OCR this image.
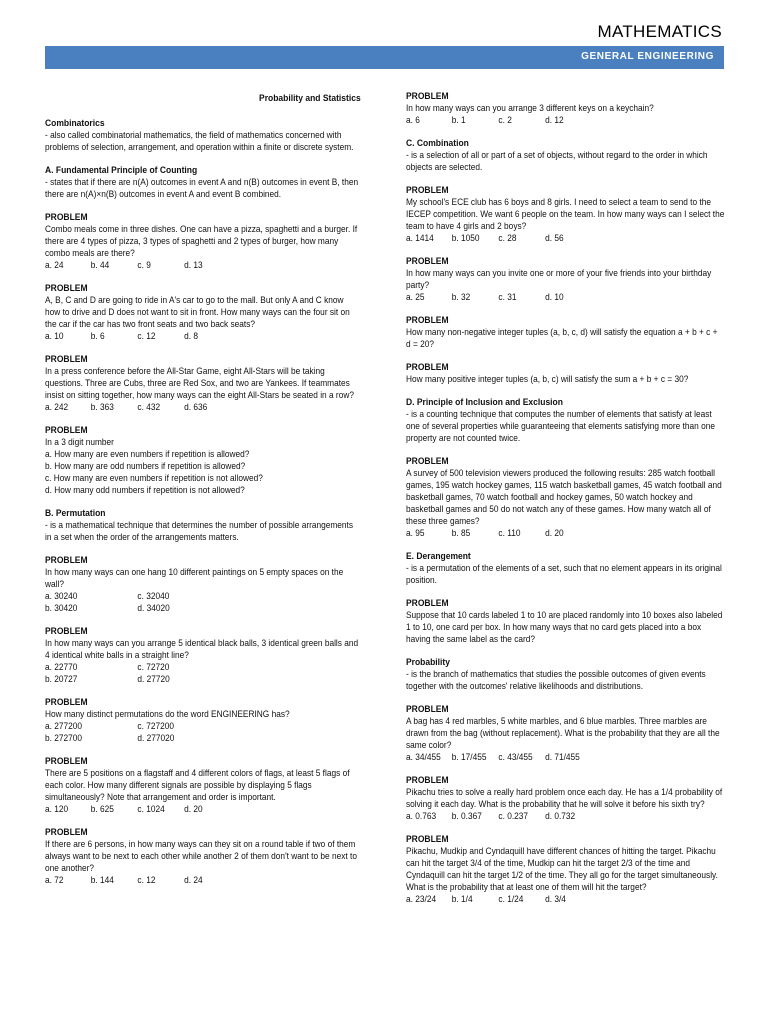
MATHEMATICS
GENERAL ENGINEERING

Probability and Statistics

Combinatorics

- also called combinatorial mathematics, the field of mathematics concerned with problems of selection, arrangement, and operation within a finite or discrete system.

A. Fundamental Principle of Counting

- states that if there are n(A) outcomes in event A and n(B) outcomes in event B, then there are n(A)×n(B) outcomes in event A and event B combined.

PROBLEM

Combo meals come in three dishes. One can have a pizza, spaghetti and a burger. If there are 4 types of pizza, 3 types of spaghetti and 2 types of burger, how many combo meals are there?

a. 24	b. 44	c. 9	d. 13

PROBLEM

A, B, C and D are going to ride in A's car to go to the mall. But only A and C know how to drive and D does not want to sit in front. How many ways can the four sit on the car if the car has two front seats and two back seats?

a. 10	b. 6	c. 12	d. 8

PROBLEM

In a press conference before the All-Star Game, eight All-Stars will be taking questions. Three are Cubs, three are Red Sox, and two are Yankees. If teammates insist on sitting together, how many ways can the eight All-Stars be seated in a row?

a. 242	b. 363	c. 432	d. 636

PROBLEM

In a 3 digit number

a. How many are even numbers if repetition is allowed?

b. How many are odd numbers if repetition is allowed?

c. How many are even numbers if repetition is not allowed?

d. How many odd numbers if repetition is not allowed?

B. Permutation

- is a mathematical technique that determines the number of possible arrangements in a set when the order of the arrangements matters.

PROBLEM

In how many ways can one hang 10 different paintings on 5 empty spaces on the wall?

a. 30240	c. 32040
b. 30420	d. 34020

PROBLEM

In how many ways can you arrange 5 identical black balls, 3 identical green balls and 4 identical white balls in a straight line?

a. 22770	c. 72720
b. 20727	d. 27720

PROBLEM

How many distinct permutations do the word ENGINEERING has?

a. 277200	c. 727200
b. 272700	d. 277020

PROBLEM

There are 5 positions on a flagstaff and 4 different colors of flags, at least 5 flags of each color. How many different signals are possible by displaying 5 flags simultaneously? Note that arrangement and order is important.

a. 120	b. 625	c. 1024	d. 20

PROBLEM

If there are 6 persons, in how many ways can they sit on a round table if two of them always want to be next to each other while another 2 of them don't want to be next to one another?

a. 72	b. 144	c. 12	d. 24

PROBLEM

In how many ways can you arrange 3 different keys on a keychain?

a. 6	b. 1	c. 2	d. 12

C. Combination

- is a selection of all or part of a set of objects, without regard to the order in which objects are selected.

PROBLEM

My school's ECE club has 6 boys and 8 girls. I need to select a team to send to the IECEP competition. We want 6 people on the team. In how many ways can I select the team to have 4 girls and 2 boys?

a. 1414	b. 1050	c. 28	d. 56

PROBLEM

In how many ways can you invite one or more of your five friends into your birthday party?

a. 25	b. 32	c. 31	d. 10

PROBLEM

How many non-negative integer tuples (a, b, c, d) will satisfy the equation a + b + c + d = 20?

PROBLEM

How many positive integer tuples (a, b, c) will satisfy the sum a + b + c = 30?

D. Principle of Inclusion and Exclusion

- is a counting technique that computes the number of elements that satisfy at least one of several properties while guaranteeing that elements satisfying more than one property are not counted twice.

PROBLEM

A survey of 500 television viewers produced the following results: 285 watch football games, 195 watch hockey games, 115 watch basketball games, 45 watch football and basketball games, 70 watch football and hockey games, 50 watch hockey and basketball games and 50 do not watch any of these games. How many watch all of these three games?

a. 95	b. 85	c. 110	d. 20

E. Derangement

- is a permutation of the elements of a set, such that no element appears in its original position.

PROBLEM

Suppose that 10 cards labeled 1 to 10 are placed randomly into 10 boxes also labeled 1 to 10, one card per box. In how many ways that no card gets placed into a box having the same label as the card?

Probability

- is the branch of mathematics that studies the possible outcomes of given events together with the outcomes' relative likelihoods and distributions.

PROBLEM

A bag has 4 red marbles, 5 white marbles, and 6 blue marbles. Three marbles are drawn from the bag (without replacement). What is the probability that they are all the same color?

a. 34/455	b. 17/455	c. 43/455	d. 71/455

PROBLEM

Pikachu tries to solve a really hard problem once each day. He has a 1/4 probability of solving it each day. What is the probability that he will solve it before his sixth try?

a. 0.763	b. 0.367	c. 0.237	d. 0.732

PROBLEM

Pikachu, Mudkip and Cyndaquill have different chances of hitting the target. Pikachu can hit the target 3/4 of the time, Mudkip can hit the target 2/3 of the time and Cyndaquill can hit the target 1/2 of the time. They all go for the target simultaneously. What is the probability that at least one of them will hit the target?

a. 23/24	b. 1/4	c. 1/24	d. 3/4
